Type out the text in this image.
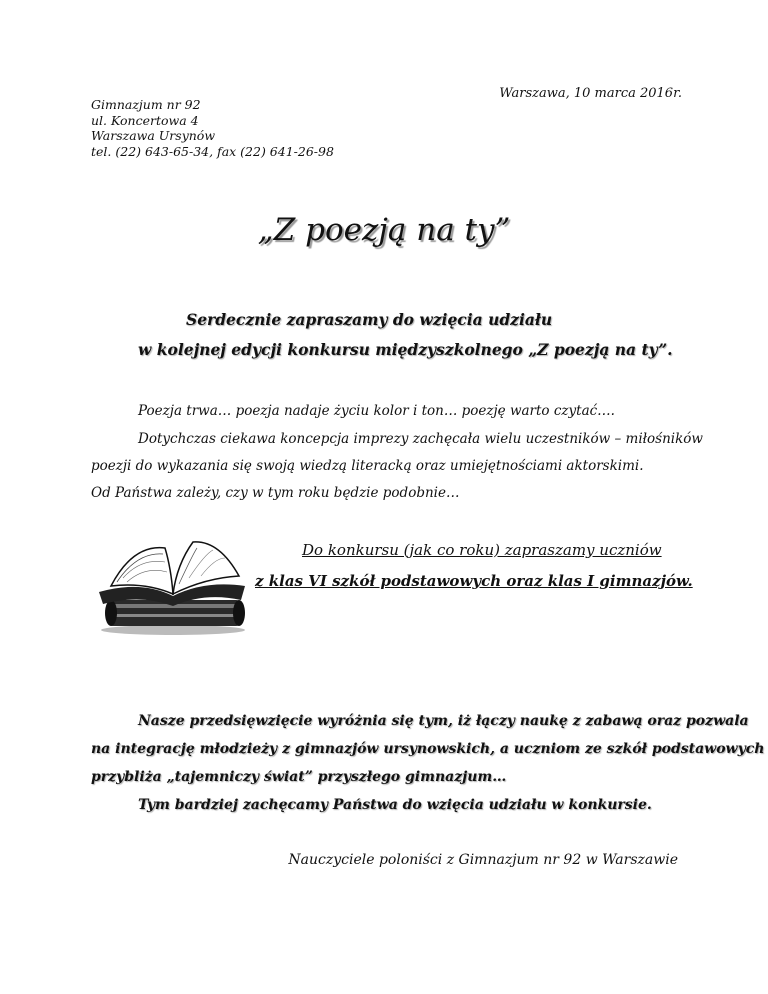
Warszawa, 10 marca 2016r.

Gimnazjum nr 92
ul. Koncertowa 4
Warszawa Ursynów
tel. (22) 643-65-34, fax (22) 641-26-98
„Z poezją na ty”

Serdecznie zapraszamy do wzięcia udziału

w kolejnej edycji konkursu międzyszkolnego „Z poezją na ty”.

Poezja trwa… poezja nadaje życiu kolor i ton… poezję warto czytać….

Dotychczas ciekawa koncepcja imprezy zachęcała wielu uczestników – miłośników

poezji do wykazania się swoją wiedzą literacką oraz umiejętnościami aktorskimi.

Od Państwa zależy, czy w tym roku będzie podobnie…

Do konkursu (jak co roku) zapraszamy uczniów

z klas VI szkół podstawowych oraz klas I gimnazjów.

Nasze przedsięwzięcie wyróżnia się tym, iż łączy naukę z zabawą oraz pozwala

na integrację młodzieży z gimnazjów ursynowskich, a uczniom ze szkół podstawowych

przybliża „tajemniczy świat” przyszłego gimnazjum…

Tym bardziej zachęcamy Państwa do wzięcia udziału w konkursie.

Nauczyciele poloniści z Gimnazjum nr 92 w Warszawie
